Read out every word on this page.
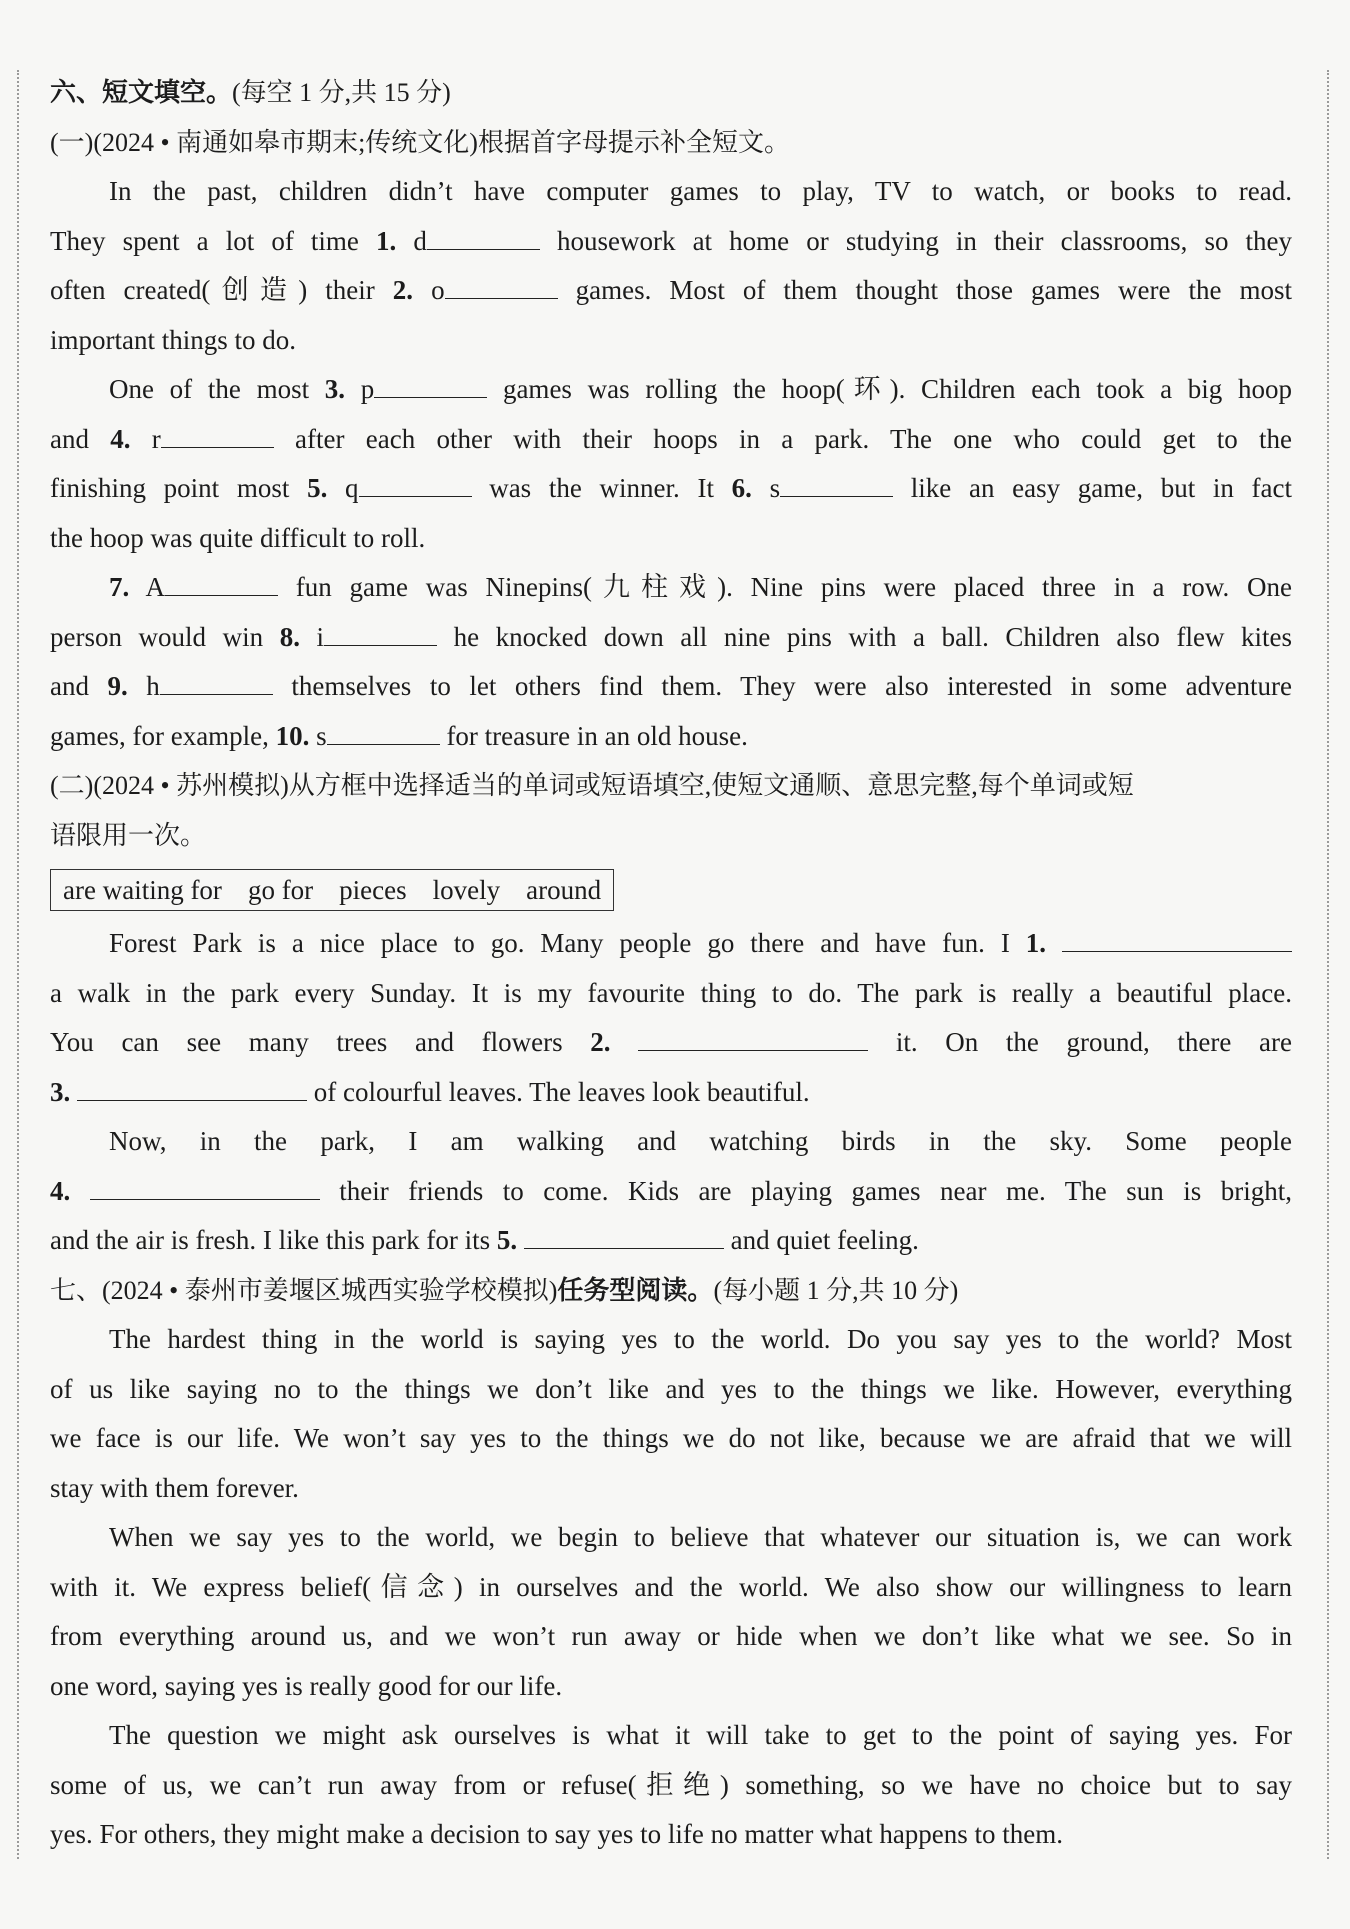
六、短文填空。(每空 1 分,共 15 分)
(一)(2024 • 南通如皋市期末;传统文化)根据首字母提示补全短文。
In the past, children didn’t have computer games to play, TV to watch, or books to read.
They spent a lot of time 1. d	housework at home or studying in their classrooms, so they
often created(创造) their 2. o	games. Most of them thought those games were the most
important things to do.
One of the most 3. p	games was rolling the hoop(环). Children each took a big hoop
and 4. r	after each other with their hoops in a park. The one who could get to the
finishing point most 5. q	was the winner. It 6. s	like an easy game, but in fact
the hoop was quite difficult to roll.
7. A	fun game was Ninepins(九柱戏). Nine pins were placed three in a row. One
person would win 8. i	he knocked down all nine pins with a ball. Children also flew kites
and 9. h	themselves to let others find them. They were also interested in some adventure
games, for example, 10. s	for treasure in an old house.
(二)(2024 • 苏州模拟)从方框中选择适当的单词或短语填空,使短文通顺、意思完整,每个单词或短
语限用一次。
are waiting for go for pieces lovely around
Forest Park is a nice place to go. Many people go there and have fun. I 1.
a walk in the park every Sunday. It is my favourite thing to do. The park is really a beautiful place.
You can see many trees and flowers 2.	it. On the ground, there are
3.	of colourful leaves. The leaves look beautiful.
Now, in the park, I am walking and watching birds in the sky. Some people
4.	their friends to come. Kids are playing games near me. The sun is bright,
and the air is fresh. I like this park for its 5.	and quiet feeling.
七、(2024 • 泰州市姜堰区城西实验学校模拟)任务型阅读。(每小题 1 分,共 10 分)
The hardest thing in the world is saying yes to the world. Do you say yes to the world? Most
of us like saying no to the things we don’t like and yes to the things we like. However, everything
we face is our life. We won’t say yes to the things we do not like, because we are afraid that we will
stay with them forever.
When we say yes to the world, we begin to believe that whatever our situation is, we can work
with it. We express belief(信念) in ourselves and the world. We also show our willingness to learn
from everything around us, and we won’t run away or hide when we don’t like what we see. So in
one word, saying yes is really good for our life.
The question we might ask ourselves is what it will take to get to the point of saying yes. For
some of us, we can’t run away from or refuse(拒绝) something, so we have no choice but to say
yes. For others, they might make a decision to say yes to life no matter what happens to them.
